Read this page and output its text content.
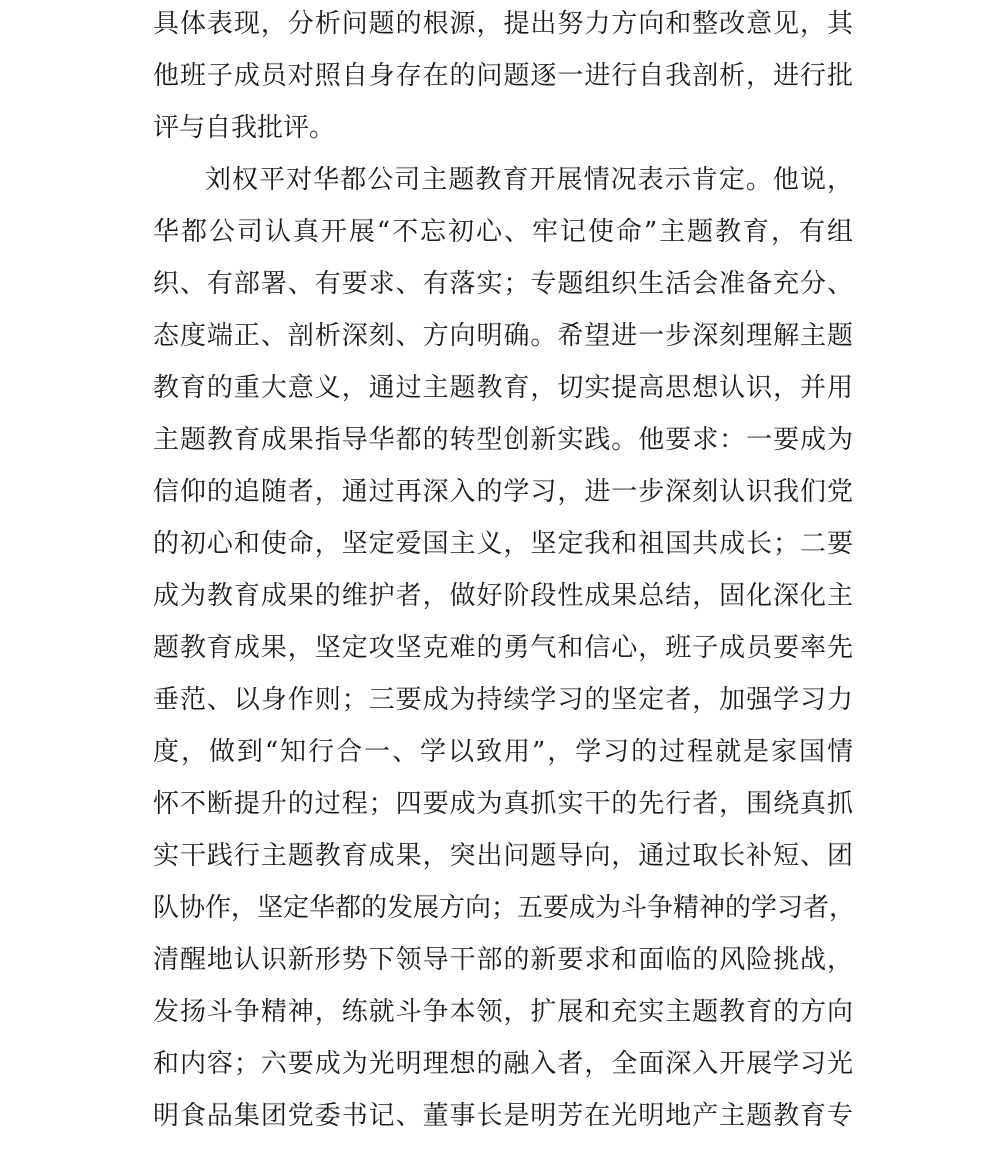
具体表现，分析问题的根源，提出努力方向和整改意见，其

他班子成员对照自身存在的问题逐一进行自我剖析，进行批

评与自我批评。

刘权平对华都公司主题教育开展情况表示肯定。他说，

华都公司认真开展“不忘初心、牢记使命”主题教育，有组

织、有部署、有要求、有落实；专题组织生活会准备充分、

态度端正、剖析深刻、方向明确。希望进一步深刻理解主题

教育的重大意义，通过主题教育，切实提高思想认识，并用

主题教育成果指导华都的转型创新实践。他要求：一要成为

信仰的追随者，通过再深入的学习，进一步深刻认识我们党

的初心和使命，坚定爱国主义，坚定我和祖国共成长；二要

成为教育成果的维护者，做好阶段性成果总结，固化深化主

题教育成果，坚定攻坚克难的勇气和信心，班子成员要率先

垂范、以身作则；三要成为持续学习的坚定者，加强学习力

度，做到“知行合一、学以致用”，学习的过程就是家国情

怀不断提升的过程；四要成为真抓实干的先行者，围绕真抓

实干践行主题教育成果，突出问题导向，通过取长补短、团

队协作，坚定华都的发展方向；五要成为斗争精神的学习者，

清醒地认识新形势下领导干部的新要求和面临的风险挑战，

发扬斗争精神，练就斗争本领，扩展和充实主题教育的方向

和内容；六要成为光明理想的融入者，全面深入开展学习光

明食品集团党委书记、董事长是明芳在光明地产主题教育专
